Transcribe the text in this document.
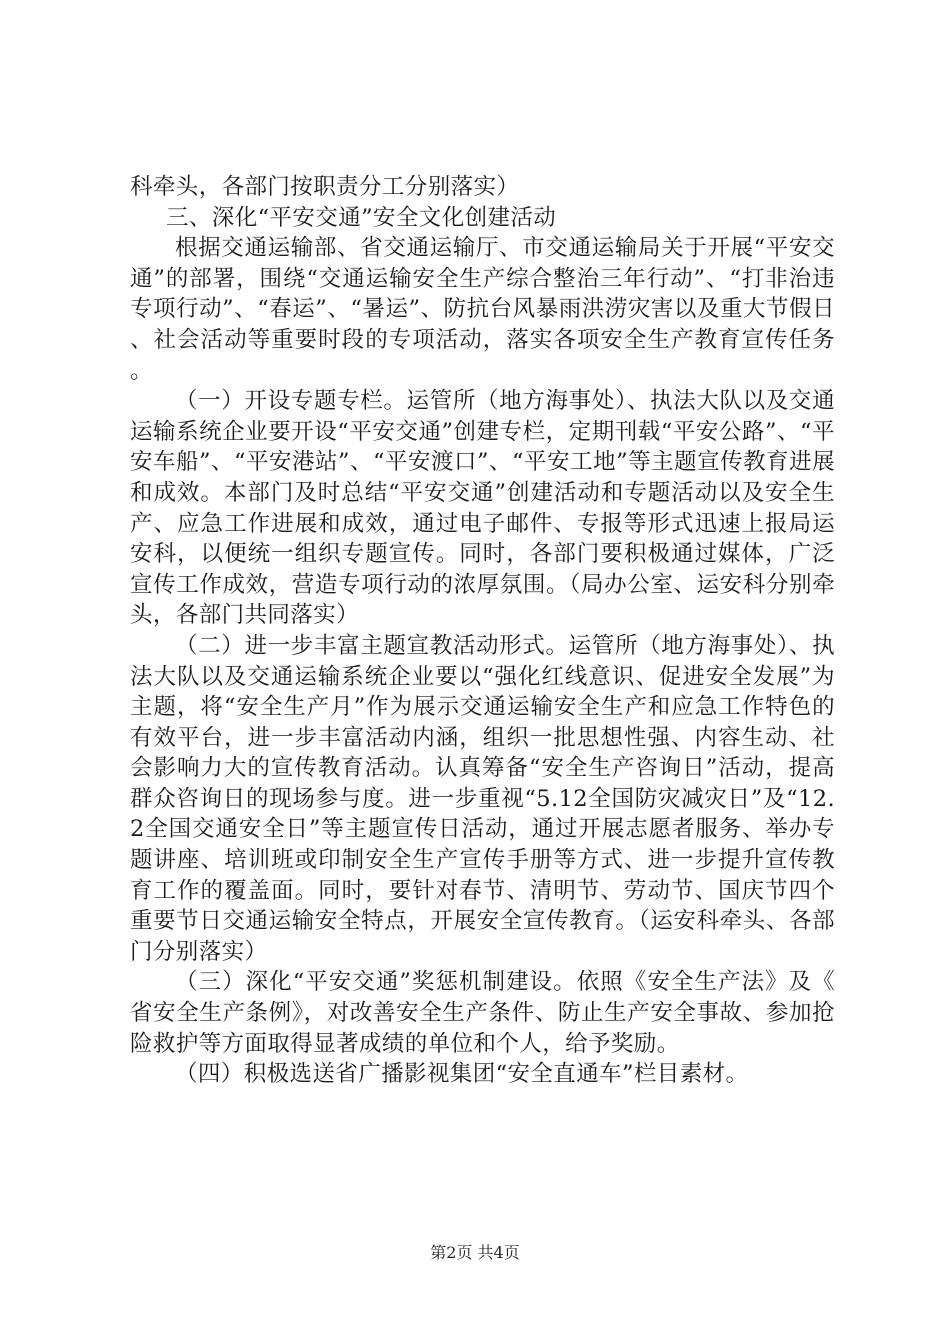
科牵头，各部门按职责分工分别落实）

三、深化“平安交通”安全文化创建活动

根据交通运输部、省交通运输厅、市交通运输局关于开展“平安交通”的部署，围绕“交通运输安全生产综合整治三年行动”、“打非治违专项行动”、“春运”、“暑运”、防抗台风暴雨洪涝灾害以及重大节假日、社会活动等重要时段的专项活动，落实各项安全生产教育宣传任务。

（一）开设专题专栏。运管所（地方海事处）、执法大队以及交通运输系统企业要开设“平安交通”创建专栏，定期刊载“平安公路”、“平安车船”、“平安港站”、“平安渡口”、“平安工地”等主题宣传教育进展和成效。本部门及时总结“平安交通”创建活动和专题活动以及安全生产、应急工作进展和成效，通过电子邮件、专报等形式迅速上报局运安科，以便统一组织专题宣传。同时，各部门要积极通过媒体，广泛宣传工作成效，营造专项行动的浓厚氛围。（局办公室、运安科分别牵头，各部门共同落实）

（二）进一步丰富主题宣教活动形式。运管所（地方海事处）、执法大队以及交通运输系统企业要以“强化红线意识、促进安全发展”为主题，将“安全生产月”作为展示交通运输安全生产和应急工作特色的有效平台，进一步丰富活动内涵，组织一批思想性强、内容生动、社会影响力大的宣传教育活动。认真筹备“安全生产咨询日”活动，提高群众咨询日的现场参与度。进一步重视“5.12全国防灾减灾日”及“12.2全国交通安全日”等主题宣传日活动，通过开展志愿者服务、举办专题讲座、培训班或印制安全生产宣传手册等方式、进一步提升宣传教育工作的覆盖面。同时，要针对春节、清明节、劳动节、国庆节四个重要节日交通运输安全特点，开展安全宣传教育。（运安科牵头、各部门分别落实）

（三）深化“平安交通”奖惩机制建设。依照《安全生产法》及《省安全生产条例》，对改善安全生产条件、防止生产安全事故、参加抢险救护等方面取得显著成绩的单位和个人，给予奖励。

（四）积极选送省广播影视集团“安全直通车”栏目素材。

第2页 共4页
